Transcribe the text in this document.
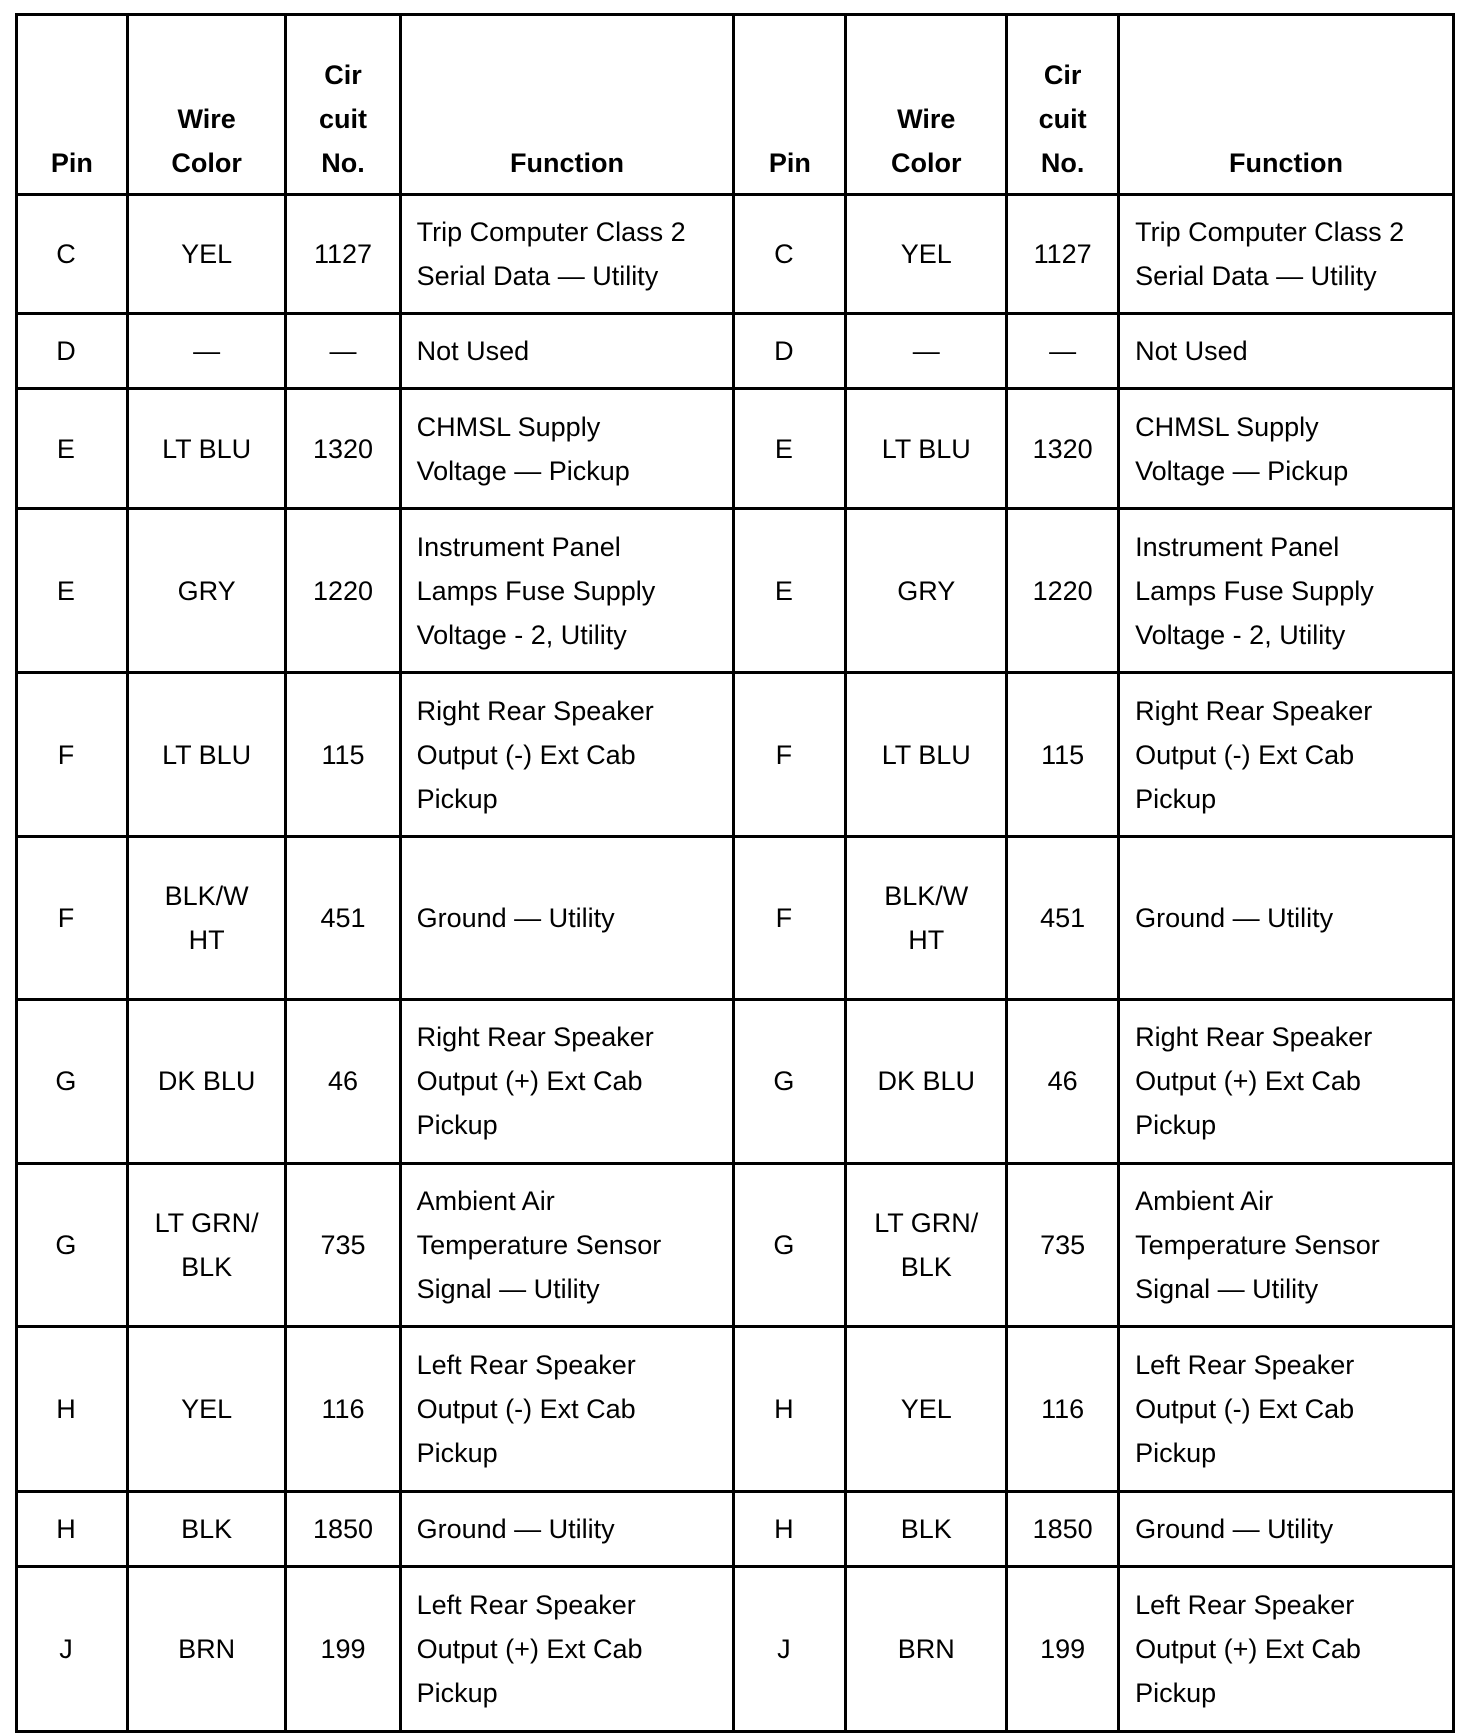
Pin	Wire
Color	Cir
cuit
No.	Function	Pin	Wire
Color	Cir
cuit
No.	Function

C	YEL	1127	Trip Computer Class 2
Serial Data — Utility	C	YEL	1127	Trip Computer Class 2
Serial Data — Utility

D	—	—	Not Used	D	—	—	Not Used

E	LT BLU	1320	CHMSL Supply
Voltage — Pickup	E	LT BLU	1320	CHMSL Supply
Voltage — Pickup

E	GRY	1220	Instrument Panel
Lamps Fuse Supply
Voltage - 2, Utility	E	GRY	1220	Instrument Panel
Lamps Fuse Supply
Voltage - 2, Utility

F	LT BLU	115	Right Rear Speaker
Output (-) Ext Cab
Pickup	F	LT BLU	115	Right Rear Speaker
Output (-) Ext Cab
Pickup

F	BLK/W
HT	451	Ground — Utility	F	BLK/W
HT	451	Ground — Utility

G	DK BLU	46	Right Rear Speaker
Output (+) Ext Cab
Pickup	G	DK BLU	46	Right Rear Speaker
Output (+) Ext Cab
Pickup

G	LT GRN/
BLK	735	Ambient Air
Temperature Sensor
Signal — Utility	G	LT GRN/
BLK	735	Ambient Air
Temperature Sensor
Signal — Utility

H	YEL	116	Left Rear Speaker
Output (-) Ext Cab
Pickup	H	YEL	116	Left Rear Speaker
Output (-) Ext Cab
Pickup

H	BLK	1850	Ground — Utility	H	BLK	1850	Ground — Utility

J	BRN	199	Left Rear Speaker
Output (+) Ext Cab
Pickup	J	BRN	199	Left Rear Speaker
Output (+) Ext Cab
Pickup
